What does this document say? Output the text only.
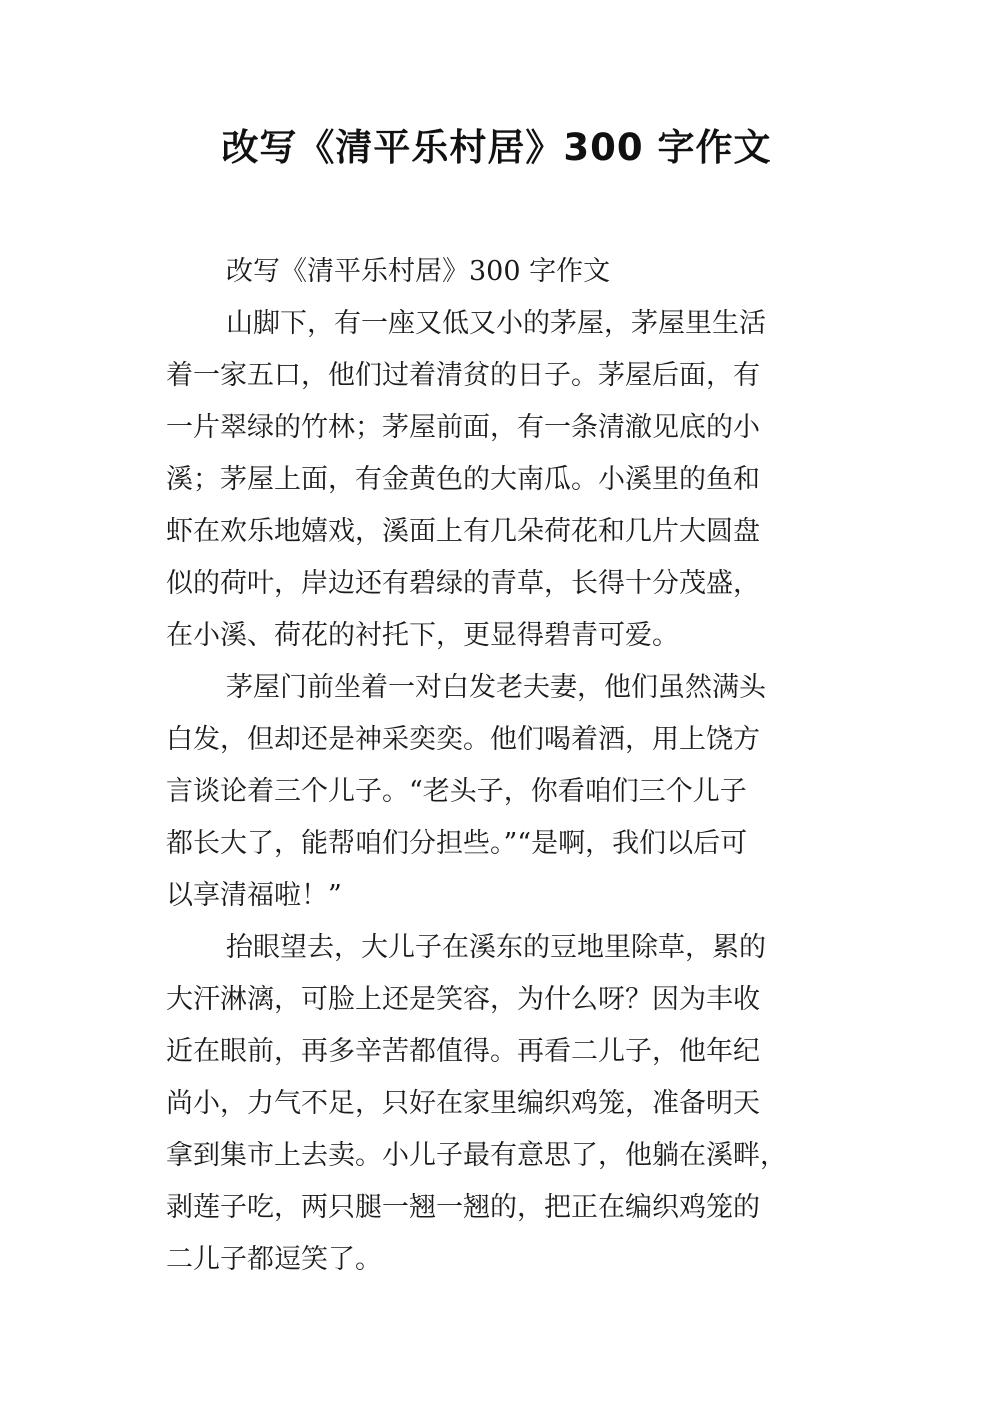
改写《清平乐村居》300 字作文
改写《清平乐村居》300 字作文
山脚下，有一座又低又小的茅屋，茅屋里生活
着一家五口，他们过着清贫的日子。茅屋后面，有
一片翠绿的竹林；茅屋前面，有一条清澈见底的小
溪；茅屋上面，有金黄色的大南瓜。小溪里的鱼和
虾在欢乐地嬉戏，溪面上有几朵荷花和几片大圆盘
似的荷叶，岸边还有碧绿的青草，长得十分茂盛，
在小溪、荷花的衬托下，更显得碧青可爱。
茅屋门前坐着一对白发老夫妻，他们虽然满头
白发，但却还是神采奕奕。他们喝着酒，用上饶方
言谈论着三个儿子。“老头子，你看咱们三个儿子
都长大了，能帮咱们分担些。”“是啊，我们以后可
以享清福啦！”
抬眼望去，大儿子在溪东的豆地里除草，累的
大汗淋漓，可脸上还是笑容，为什么呀？因为丰收
近在眼前，再多辛苦都值得。再看二儿子，他年纪
尚小，力气不足，只好在家里编织鸡笼，准备明天
拿到集市上去卖。小儿子最有意思了，他躺在溪畔，
剥莲子吃，两只腿一翘一翘的，把正在编织鸡笼的
二儿子都逗笑了。
